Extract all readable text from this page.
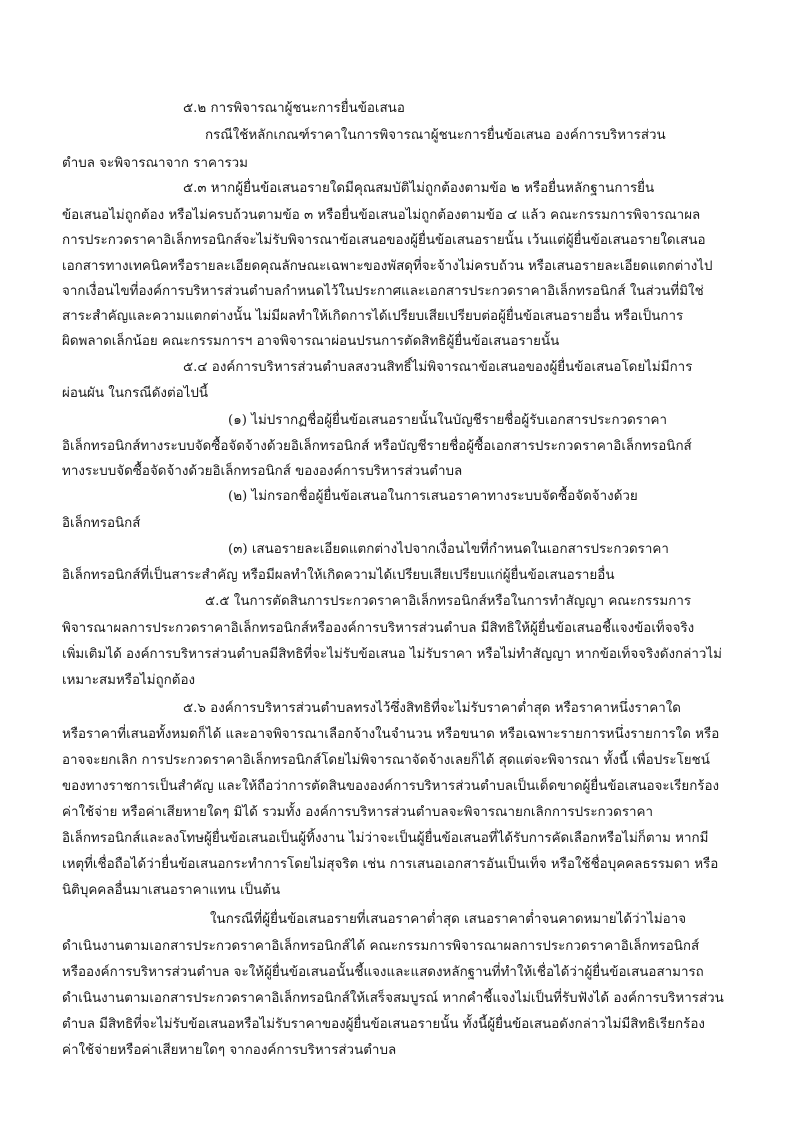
๕.๒ การพิจารณาผู้ชนะการยื่นข้อเสนอ

กรณีใช้หลักเกณฑ์ราคาในการพิจารณาผู้ชนะการยื่นข้อเสนอ องค์การบริหารส่วน

ตำบล จะพิจารณาจาก ราคารวม

๕.๓ หากผู้ยื่นข้อเสนอรายใดมีคุณสมบัติไม่ถูกต้องตามข้อ ๒ หรือยื่นหลักฐานการยื่น

ข้อเสนอไม่ถูกต้อง หรือไม่ครบถ้วนตามข้อ ๓ หรือยื่นข้อเสนอไม่ถูกต้องตามข้อ ๔ แล้ว คณะกรรมการพิจารณาผล

การประกวดราคาอิเล็กทรอนิกส์จะไม่รับพิจารณาข้อเสนอของผู้ยื่นข้อเสนอรายนั้น เว้นแต่ผู้ยื่นข้อเสนอรายใดเสนอ

เอกสารทางเทคนิคหรือรายละเอียดคุณลักษณะเฉพาะของพัสดุที่จะจ้างไม่ครบถ้วน หรือเสนอรายละเอียดแตกต่างไป

จากเงื่อนไขที่องค์การบริหารส่วนตำบลกำหนดไว้ในประกาศและเอกสารประกวดราคาอิเล็กทรอนิกส์ ในส่วนที่มิใช่

สาระสำคัญและความแตกต่างนั้น ไม่มีผลทำให้เกิดการได้เปรียบเสียเปรียบต่อผู้ยื่นข้อเสนอรายอื่น หรือเป็นการ

ผิดพลาดเล็กน้อย คณะกรรมการฯ อาจพิจารณาผ่อนปรนการตัดสิทธิผู้ยื่นข้อเสนอรายนั้น

๕.๔ องค์การบริหารส่วนตำบลสงวนสิทธิ์ไม่พิจารณาข้อเสนอของผู้ยื่นข้อเสนอโดยไม่มีการ

ผ่อนผัน ในกรณีดังต่อไปนี้

(๑) ไม่ปรากฏชื่อผู้ยื่นข้อเสนอรายนั้นในบัญชีรายชื่อผู้รับเอกสารประกวดราคา

อิเล็กทรอนิกส์ทางระบบจัดซื้อจัดจ้างด้วยอิเล็กทรอนิกส์ หรือบัญชีรายชื่อผู้ซื้อเอกสารประกวดราคาอิเล็กทรอนิกส์

ทางระบบจัดซื้อจัดจ้างด้วยอิเล็กทรอนิกส์ ขององค์การบริหารส่วนตำบล

(๒) ไม่กรอกชื่อผู้ยื่นข้อเสนอในการเสนอราคาทางระบบจัดซื้อจัดจ้างด้วย

อิเล็กทรอนิกส์

(๓) เสนอรายละเอียดแตกต่างไปจากเงื่อนไขที่กำหนดในเอกสารประกวดราคา

อิเล็กทรอนิกส์ที่เป็นสาระสำคัญ หรือมีผลทำให้เกิดความได้เปรียบเสียเปรียบแก่ผู้ยื่นข้อเสนอรายอื่น

๕.๕ ในการตัดสินการประกวดราคาอิเล็กทรอนิกส์หรือในการทำสัญญา คณะกรรมการ

พิจารณาผลการประกวดราคาอิเล็กทรอนิกส์หรือองค์การบริหารส่วนตำบล มีสิทธิให้ผู้ยื่นข้อเสนอชี้แจงข้อเท็จจริง

เพิ่มเติมได้ องค์การบริหารส่วนตำบลมีสิทธิที่จะไม่รับข้อเสนอ ไม่รับราคา หรือไม่ทำสัญญา หากข้อเท็จจริงดังกล่าวไม่

เหมาะสมหรือไม่ถูกต้อง

๕.๖ องค์การบริหารส่วนตำบลทรงไว้ซึ่งสิทธิที่จะไม่รับราคาต่ำสุด หรือราคาหนึ่งราคาใด

หรือราคาที่เสนอทั้งหมดก็ได้ และอาจพิจารณาเลือกจ้างในจำนวน หรือขนาด หรือเฉพาะรายการหนึ่งรายการใด หรือ

อาจจะยกเลิก การประกวดราคาอิเล็กทรอนิกส์โดยไม่พิจารณาจัดจ้างเลยก็ได้ สุดแต่จะพิจารณา ทั้งนี้ เพื่อประโยชน์

ของทางราชการเป็นสำคัญ และให้ถือว่าการตัดสินขององค์การบริหารส่วนตำบลเป็นเด็ดขาดผู้ยื่นข้อเสนอจะเรียกร้อง

ค่าใช้จ่าย หรือค่าเสียหายใดๆ มิได้ รวมทั้ง องค์การบริหารส่วนตำบลจะพิจารณายกเลิกการประกวดราคา

อิเล็กทรอนิกส์และลงโทษผู้ยื่นข้อเสนอเป็นผู้ทิ้งงาน ไม่ว่าจะเป็นผู้ยื่นข้อเสนอที่ได้รับการคัดเลือกหรือไม่ก็ตาม หากมี

เหตุที่เชื่อถือได้ว่ายื่นข้อเสนอกระทำการโดยไม่สุจริต เช่น การเสนอเอกสารอันเป็นเท็จ หรือใช้ชื่อบุคคลธรรมดา หรือ

นิติบุคคลอื่นมาเสนอราคาแทน เป็นต้น

ในกรณีที่ผู้ยื่นข้อเสนอรายที่เสนอราคาต่ำสุด เสนอราคาต่ำจนคาดหมายได้ว่าไม่อาจ

ดำเนินงานตามเอกสารประกวดราคาอิเล็กทรอนิกส์ได้ คณะกรรมการพิจารณาผลการประกวดราคาอิเล็กทรอนิกส์

หรือองค์การบริหารส่วนตำบล จะให้ผู้ยื่นข้อเสนอนั้นชี้แจงและแสดงหลักฐานที่ทำให้เชื่อได้ว่าผู้ยื่นข้อเสนอสามารถ

ดำเนินงานตามเอกสารประกวดราคาอิเล็กทรอนิกส์ให้เสร็จสมบูรณ์ หากคำชี้แจงไม่เป็นที่รับฟังได้ องค์การบริหารส่วน

ตำบล มีสิทธิที่จะไม่รับข้อเสนอหรือไม่รับราคาของผู้ยื่นข้อเสนอรายนั้น ทั้งนี้ผู้ยื่นข้อเสนอดังกล่าวไม่มีสิทธิเรียกร้อง

ค่าใช้จ่ายหรือค่าเสียหายใดๆ จากองค์การบริหารส่วนตำบล
